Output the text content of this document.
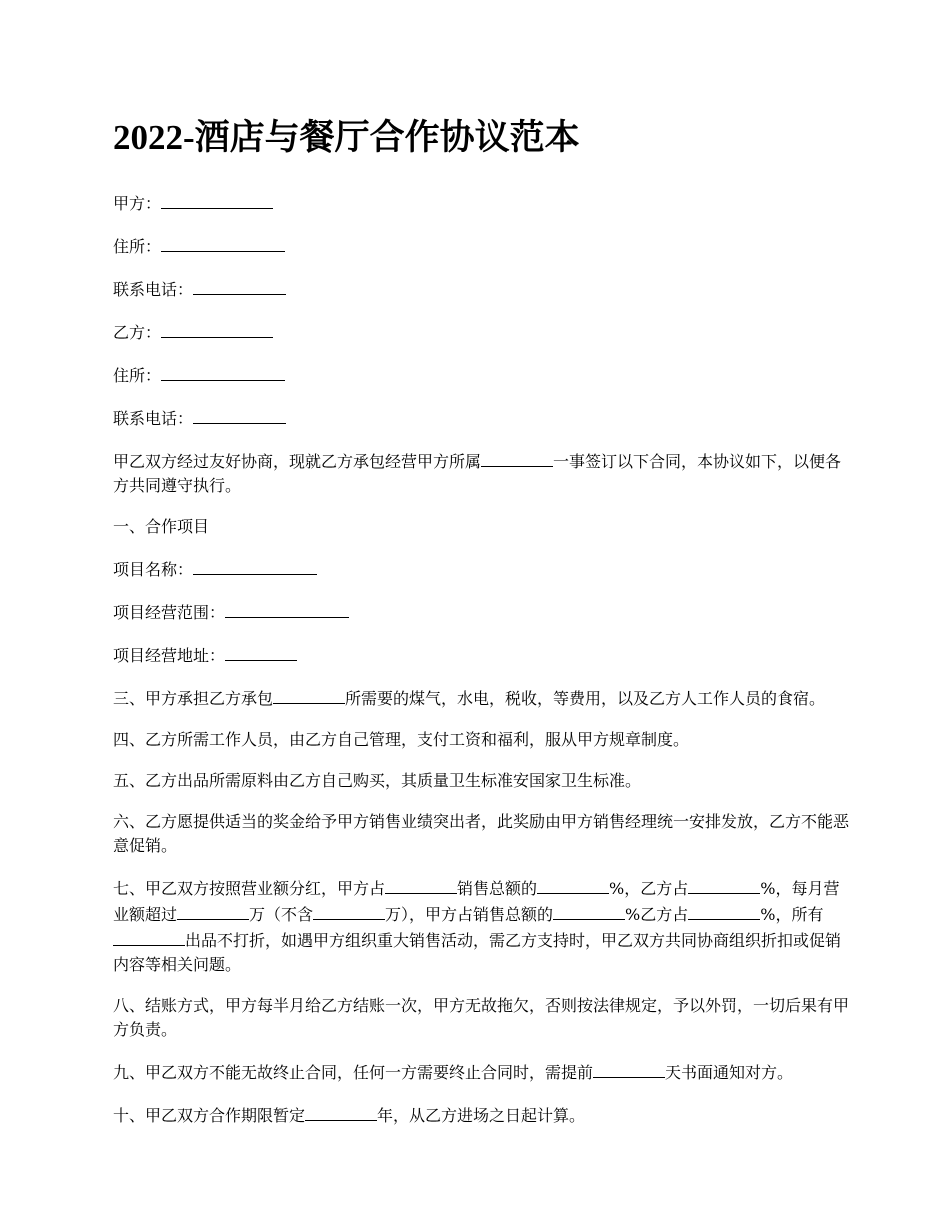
2022-酒店与餐厅合作协议范本

甲方：

住所：

联系电话：

乙方：

住所：

联系电话：

甲乙双方经过友好协商，现就乙方承包经营甲方所属	一事签订以下合同，本协议如下，以便各方共同遵守执行。

一、合作项目

项目名称：

项目经营范围：

项目经营地址：

三、甲方承担乙方承包	所需要的煤气，水电，税收，等费用，以及乙方人工作人员的食宿。

四、乙方所需工作人员，由乙方自己管理，支付工资和福利，服从甲方规章制度。

五、乙方出品所需原料由乙方自己购买，其质量卫生标准安国家卫生标准。

六、乙方愿提供适当的奖金给予甲方销售业绩突出者，此奖励由甲方销售经理统一安排发放，乙方不能恶意促销。

七、甲乙双方按照营业额分红，甲方占	销售总额的	%，乙方占	%，每月营业额超过	万（不含	万），甲方占销售总额的	%乙方占	%，所有出品不打折，如遇甲方组织重大销售活动，需乙方支持时，甲乙双方共同协商组织折扣或促销内容等相关问题。

八、结账方式，甲方每半月给乙方结账一次，甲方无故拖欠，否则按法律规定，予以外罚，一切后果有甲方负责。

九、甲乙双方不能无故终止合同，任何一方需要终止合同时，需提前	天书面通知对方。

十、甲乙双方合作期限暂定	年，从乙方进场之日起计算。
